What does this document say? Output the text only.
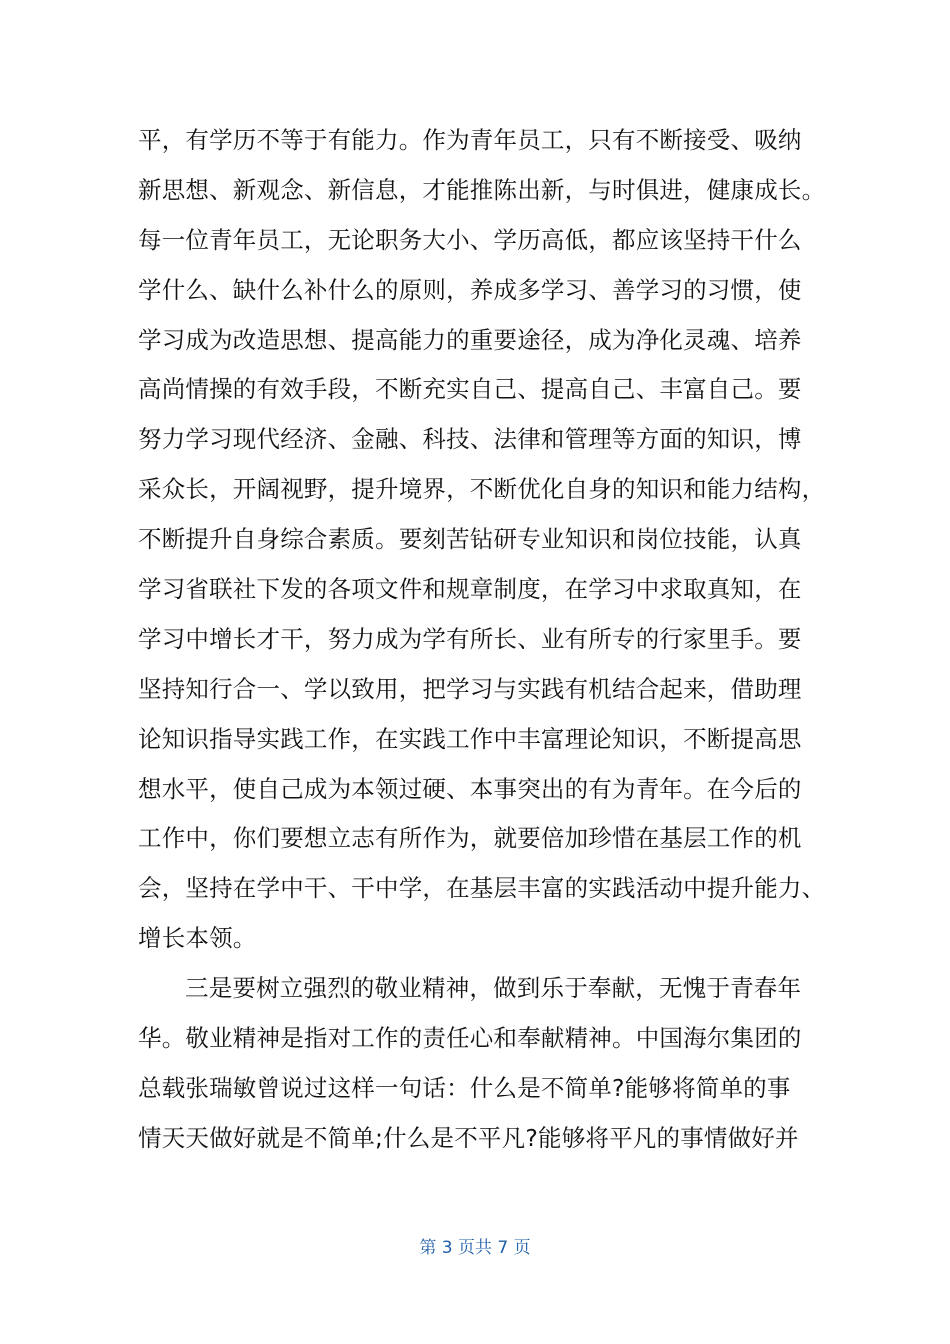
平，有学历不等于有能力。作为青年员工，只有不断接受、吸纳
新思想、新观念、新信息，才能推陈出新，与时俱进，健康成长。
每一位青年员工，无论职务大小、学历高低，都应该坚持干什么
学什么、缺什么补什么的原则，养成多学习、善学习的习惯，使
学习成为改造思想、提高能力的重要途径，成为净化灵魂、培养
高尚情操的有效手段，不断充实自己、提高自己、丰富自己。要
努力学习现代经济、金融、科技、法律和管理等方面的知识，博
采众长，开阔视野，提升境界，不断优化自身的知识和能力结构，
不断提升自身综合素质。要刻苦钻研专业知识和岗位技能，认真
学习省联社下发的各项文件和规章制度，在学习中求取真知，在
学习中增长才干，努力成为学有所长、业有所专的行家里手。要
坚持知行合一、学以致用，把学习与实践有机结合起来，借助理
论知识指导实践工作，在实践工作中丰富理论知识，不断提高思
想水平，使自己成为本领过硬、本事突出的有为青年。在今后的
工作中，你们要想立志有所作为，就要倍加珍惜在基层工作的机
会，坚持在学中干、干中学，在基层丰富的实践活动中提升能力、
增长本领。
三是要树立强烈的敬业精神，做到乐于奉献，无愧于青春年
华。敬业精神是指对工作的责任心和奉献精神。中国海尔集团的
总载张瑞敏曾说过这样一句话：什么是不简单?能够将简单的事
情天天做好就是不简单;什么是不平凡?能够将平凡的事情做好并
第 3 页共 7 页
